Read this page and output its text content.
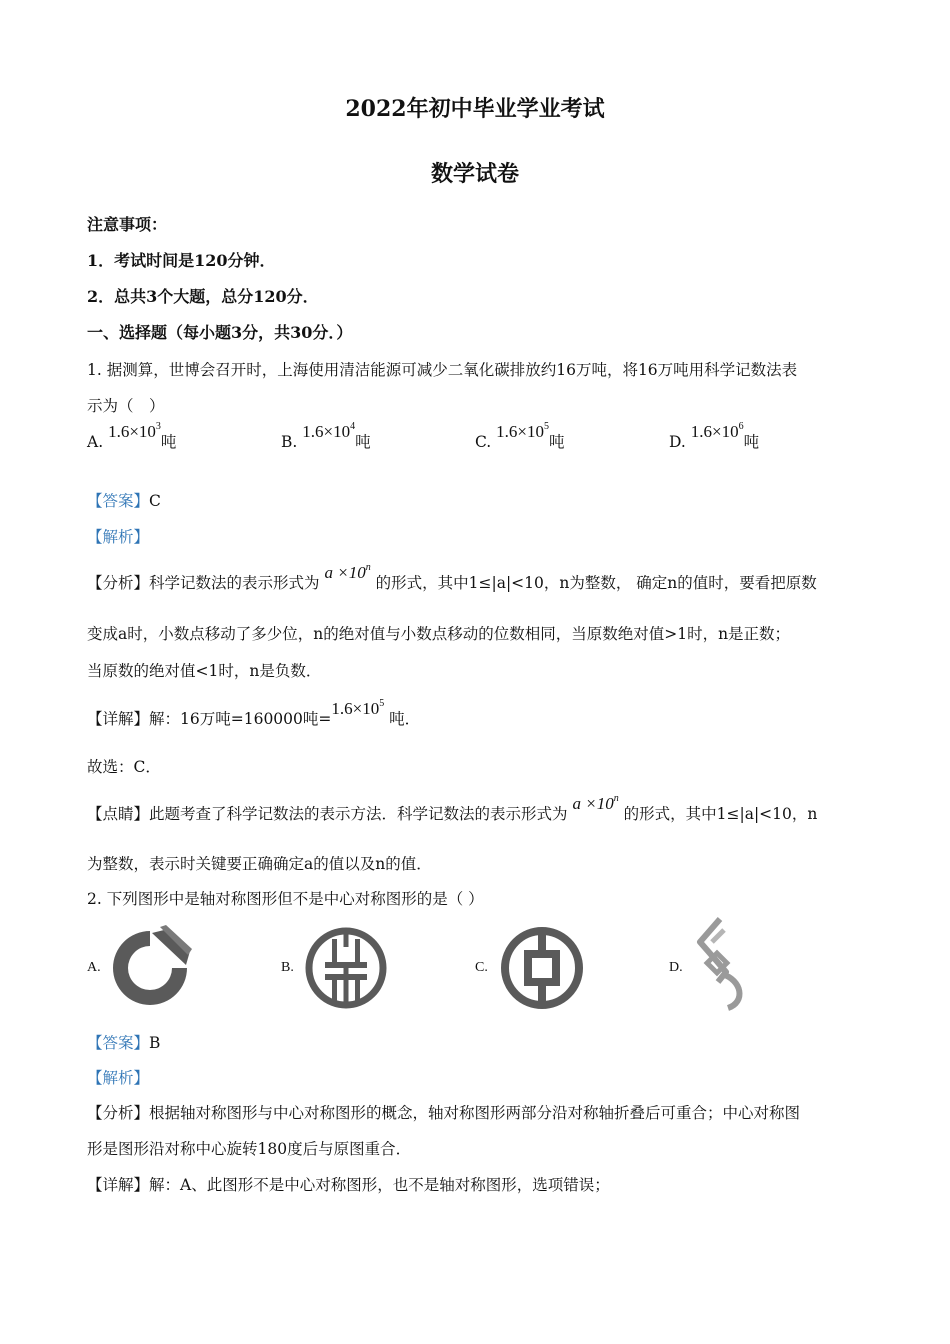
2022年初中毕业学业考试
数学试卷
注意事项：
1．考试时间是120分钟．
2．总共3个大题，总分120分．
一、选择题（每小题3分，共30分．）
1. 据测算，世博会召开时，上海使用清洁能源可减少二氧化碳排放约16万吨，将16万吨用科学记数法表
示为（　）
A. $1.6\times 10^3$吨	B. $1.6\times 10^4$吨	C. $1.6\times 10^5$吨	D. $1.6\times 10^6$吨
【答案】C
【解析】
【分析】科学记数法的表示形式为 $a \times 10^n$ 的形式，其中1≤|a|<10，n为整数， 确定n的值时，要看把原数
变成a时，小数点移动了多少位，n的绝对值与小数点移动的位数相同，当原数绝对值>1时，n是正数；
当原数的绝对值<1时，n是负数．
【详解】解：16万吨=160000吨$=1.6\times 10^5$ 吨．
故选：C．
【点睛】此题考查了科学记数法的表示方法．科学记数法的表示形式为 $a \times 10^n$ 的形式，其中1≤|a|<10，n
为整数，表示时关键要正确确定a的值以及n的值．
2. 下列图形中是轴对称图形但不是中心对称图形的是（ ）
A.	B.	C.	D.
【答案】B
【解析】
【分析】根据轴对称图形与中心对称图形的概念，轴对称图形两部分沿对称轴折叠后可重合；中心对称图
形是图形沿对称中心旋转180度后与原图重合．
【详解】解：A、此图形不是中心对称图形，也不是轴对称图形，选项错误；
